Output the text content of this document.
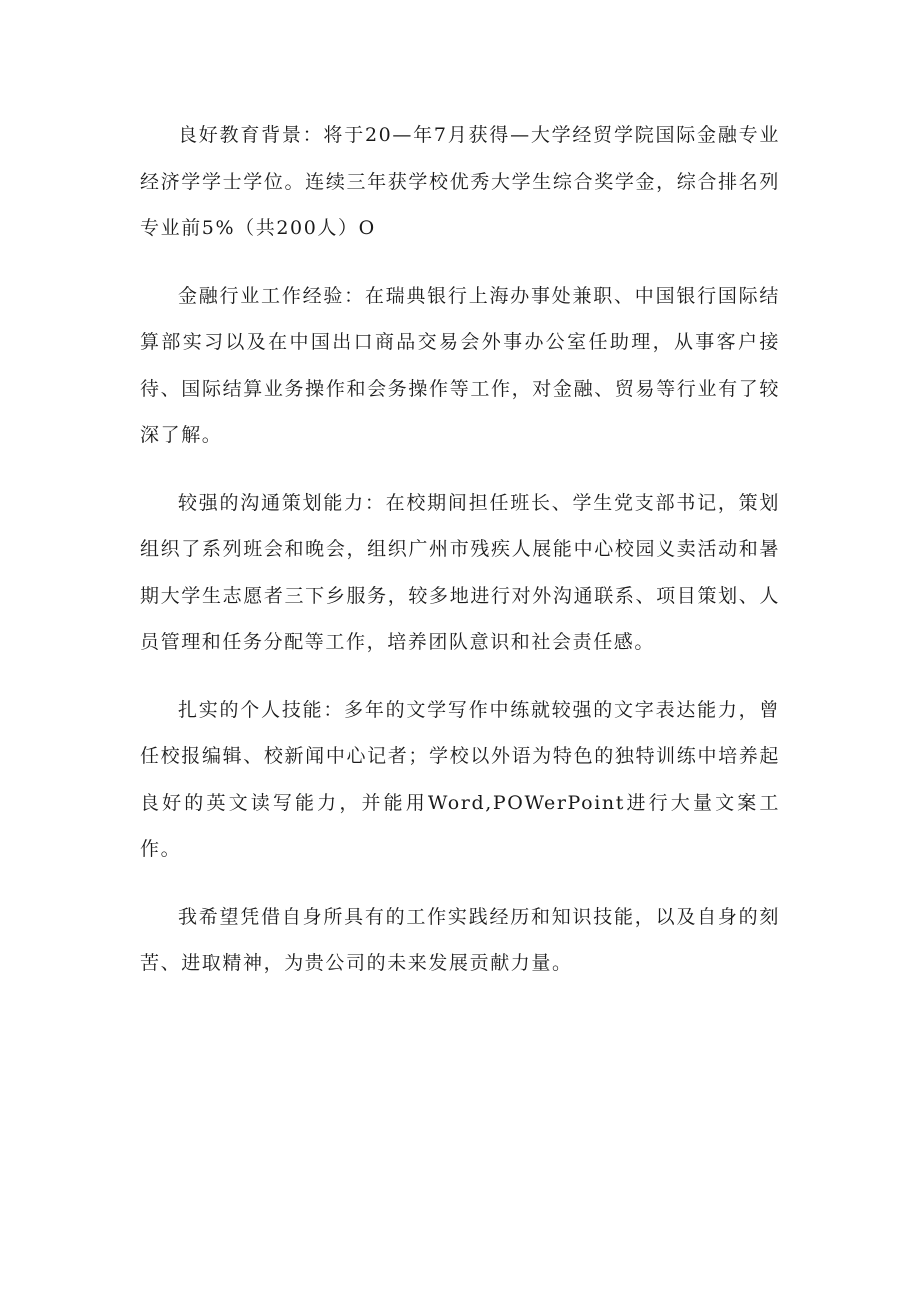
良好教育背景：将于20—年7月获得—大学经贸学院国际金融专业经济学学士学位。连续三年获学校优秀大学生综合奖学金，综合排名列专业前5%（共200人）O

金融行业工作经验：在瑞典银行上海办事处兼职、中国银行国际结算部实习以及在中国出口商品交易会外事办公室任助理，从事客户接待、国际结算业务操作和会务操作等工作，对金融、贸易等行业有了较深了解。

较强的沟通策划能力：在校期间担任班长、学生党支部书记，策划组织了系列班会和晚会，组织广州市残疾人展能中心校园义卖活动和暑期大学生志愿者三下乡服务，较多地进行对外沟通联系、项目策划、人员管理和任务分配等工作，培养团队意识和社会责任感。

扎实的个人技能：多年的文学写作中练就较强的文字表达能力，曾任校报编辑、校新闻中心记者；学校以外语为特色的独特训练中培养起良好的英文读写能力，并能用Word,POWerPoint进行大量文案工作。

我希望凭借自身所具有的工作实践经历和知识技能，以及自身的刻苦、进取精神，为贵公司的未来发展贡献力量。
